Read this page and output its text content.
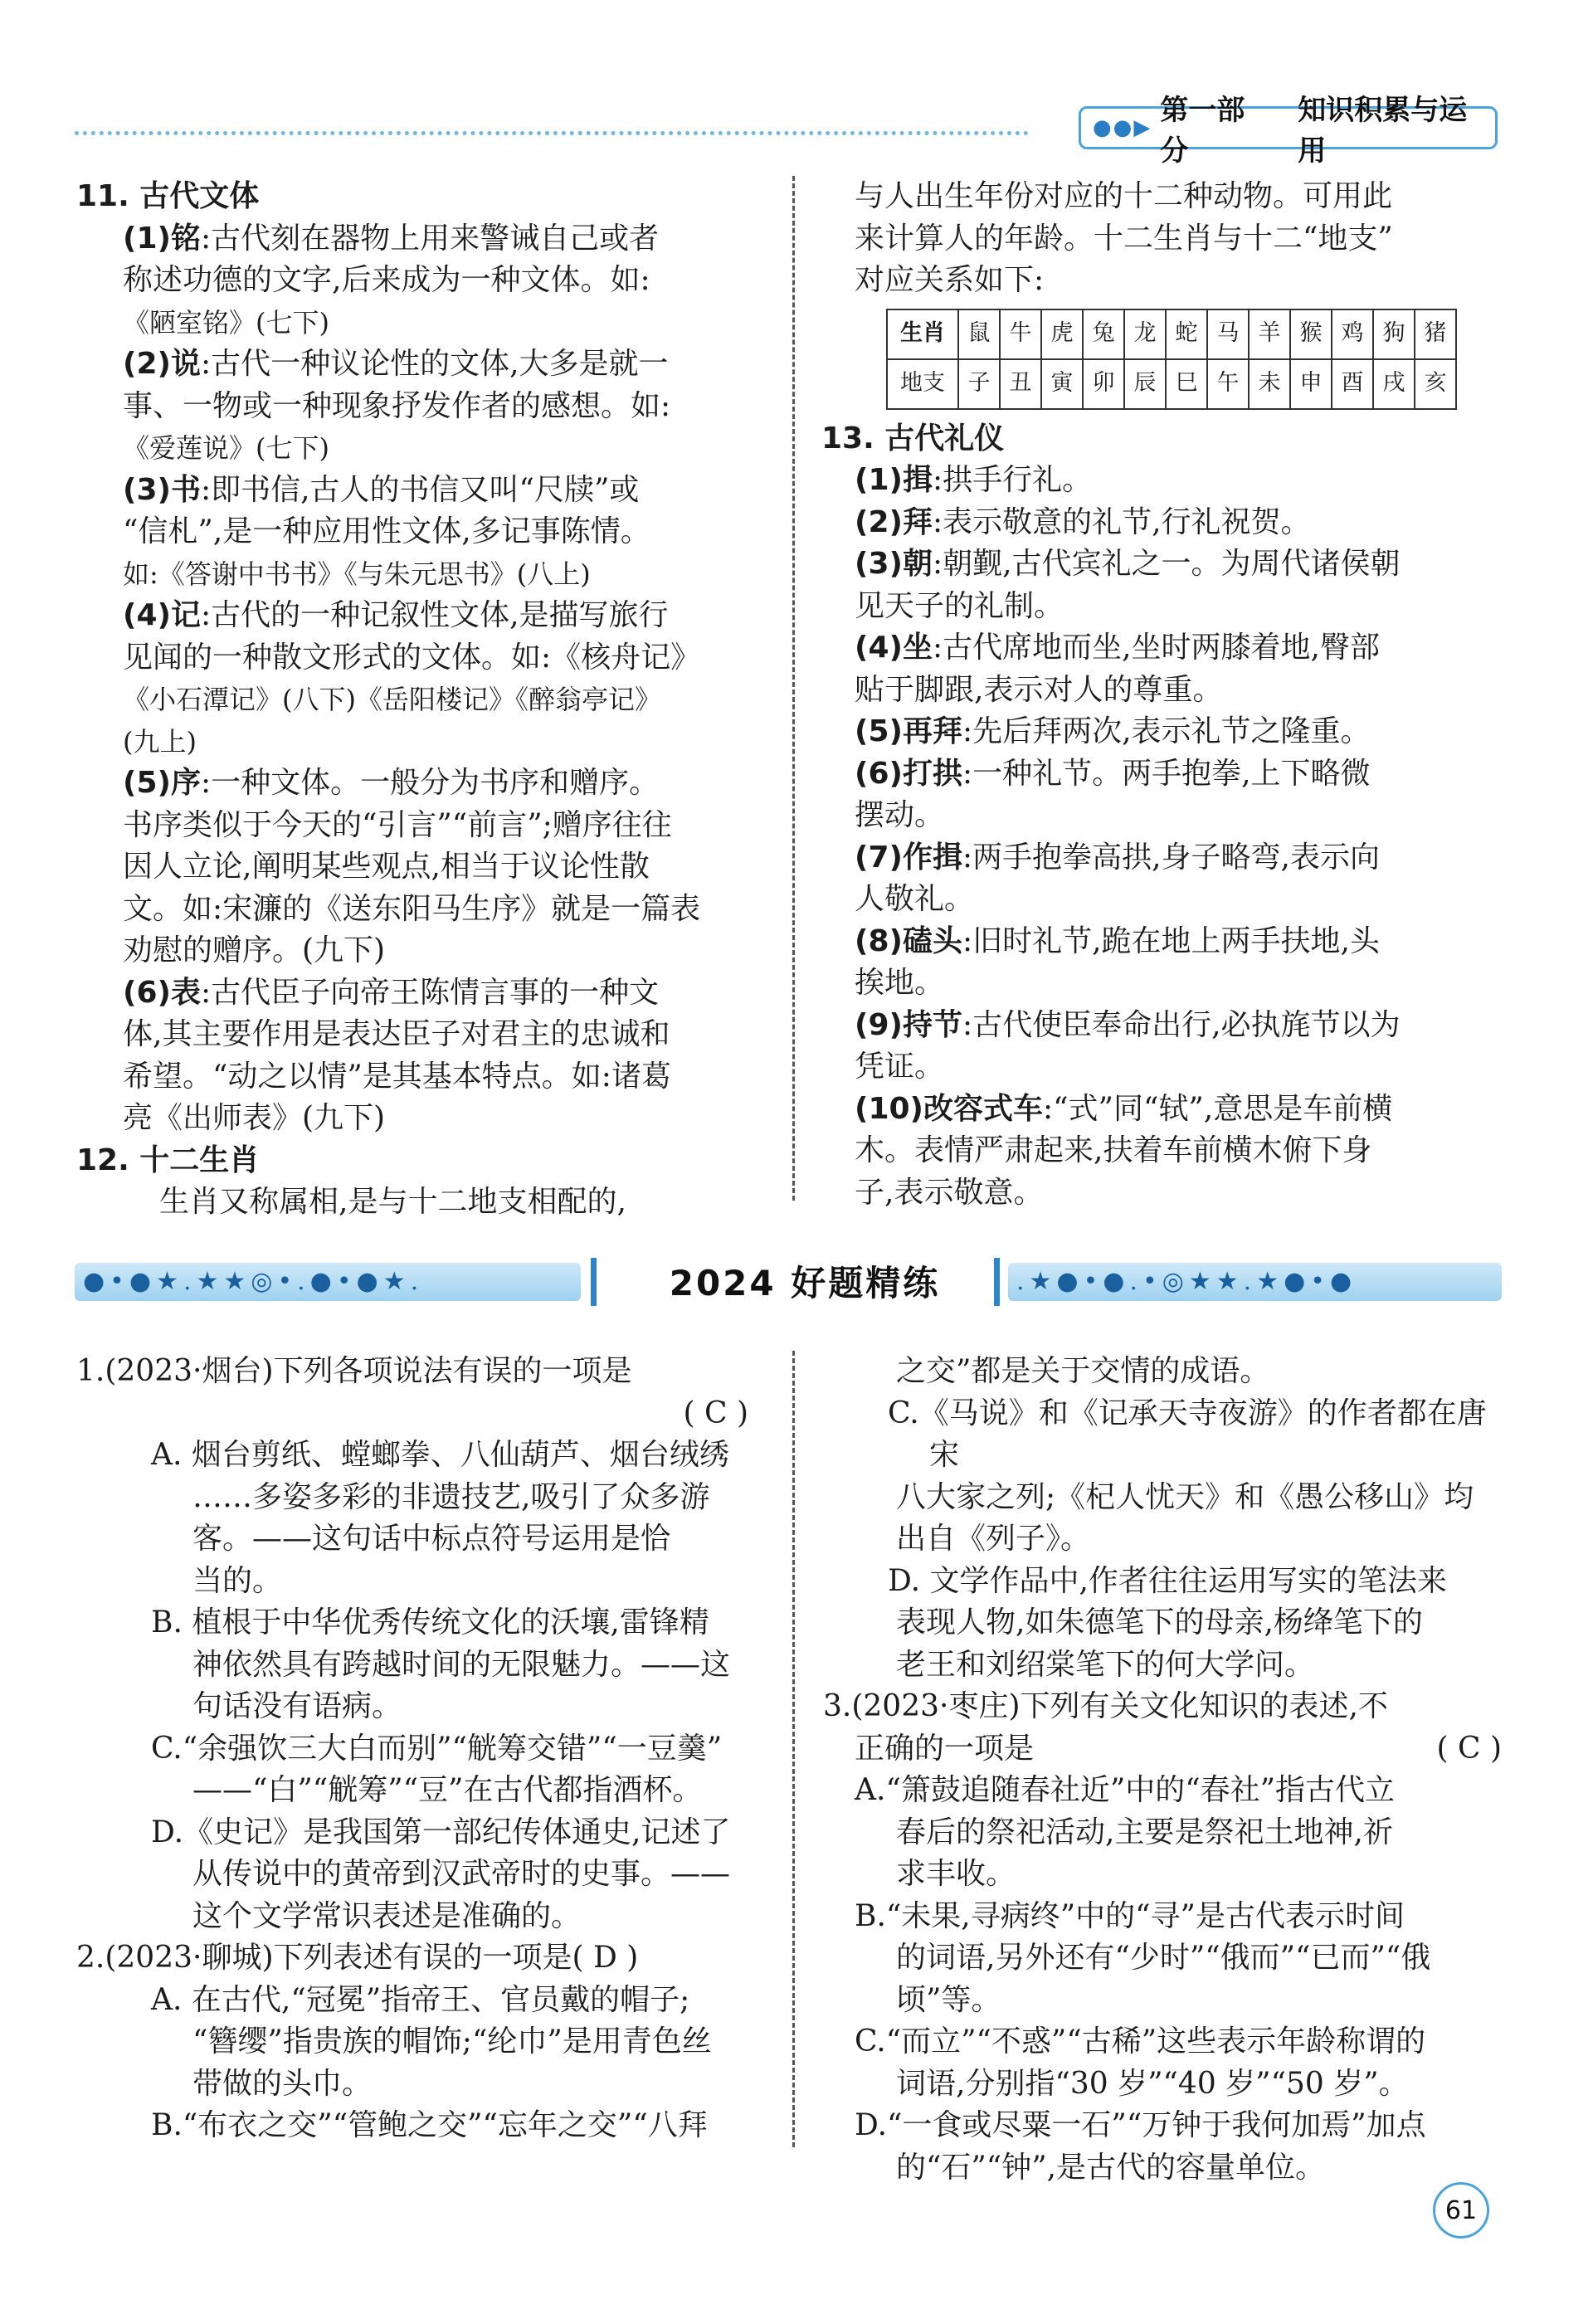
●●▶
第一部分
知识积累与运用

11. 古代文体

(1)铭:古代刻在器物上用来警诫自己或者

称述功德的文字,后来成为一种文体。如:

《陋室铭》(七下)

(2)说:古代一种议论性的文体,大多是就一

事、一物或一种现象抒发作者的感想。如:

《爱莲说》(七下)

(3)书:即书信,古人的书信又叫“尺牍”或

“信札”,是一种应用性文体,多记事陈情。

如:《答谢中书书》《与朱元思书》(八上)

(4)记:古代的一种记叙性文体,是描写旅行

见闻的一种散文形式的文体。如:《核舟记》

《小石潭记》(八下)《岳阳楼记》《醉翁亭记》

(九上)

(5)序:一种文体。一般分为书序和赠序。

书序类似于今天的“引言”“前言”;赠序往往

因人立论,阐明某些观点,相当于议论性散

文。如:宋濂的《送东阳马生序》就是一篇表

劝慰的赠序。(九下)

(6)表:古代臣子向帝王陈情言事的一种文

体,其主要作用是表达臣子对君主的忠诚和

希望。“动之以情”是其基本特点。如:诸葛

亮《出师表》(九下)

12. 十二生肖

生肖又称属相,是与十二地支相配的,

与人出生年份对应的十二种动物。可用此

来计算人的年龄。十二生肖与十二“地支”

对应关系如下:

生肖	鼠	牛	虎	兔	龙	蛇	马	羊	猴	鸡	狗	猪
地支	子	丑	寅	卯	辰	巳	午	未	申	酉	戌	亥

13. 古代礼仪

(1)揖:拱手行礼。

(2)拜:表示敬意的礼节,行礼祝贺。

(3)朝:朝觐,古代宾礼之一。为周代诸侯朝

见天子的礼制。

(4)坐:古代席地而坐,坐时两膝着地,臀部

贴于脚跟,表示对人的尊重。

(5)再拜:先后拜两次,表示礼节之隆重。

(6)打拱:一种礼节。两手抱拳,上下略微

摆动。

(7)作揖:两手抱拳高拱,身子略弯,表示向

人敬礼。

(8)磕头:旧时礼节,跪在地上两手扶地,头

挨地。

(9)持节:古代使臣奉命出行,必执旄节以为

凭证。

(10)改容式车:“式”同“轼”,意思是车前横

木。表情严肃起来,扶着车前横木俯下身

子,表示敬意。

●•●★.★★◎•.●•●★.	2024 好题精练	.★●•●.•◎★★.★●•●

1.(2023·烟台)下列各项说法有误的一项是

( C )

A. 烟台剪纸、螳螂拳、八仙葫芦、烟台绒绣

……多姿多彩的非遗技艺,吸引了众多游

客。——这句话中标点符号运用是恰

当的。

B. 植根于中华优秀传统文化的沃壤,雷锋精

神依然具有跨越时间的无限魅力。——这

句话没有语病。

C.“余强饮三大白而别”“觥筹交错”“一豆羹”

——“白”“觥筹”“豆”在古代都指酒杯。

D.《史记》是我国第一部纪传体通史,记述了

从传说中的黄帝到汉武帝时的史事。——

这个文学常识表述是准确的。

2.(2023·聊城)下列表述有误的一项是( D )

A. 在古代,“冠冕”指帝王、官员戴的帽子;

“簪缨”指贵族的帽饰;“纶巾”是用青色丝

带做的头巾。

B.“布衣之交”“管鲍之交”“忘年之交”“八拜

之交”都是关于交情的成语。

C.《马说》和《记承天寺夜游》的作者都在唐宋

八大家之列;《杞人忧天》和《愚公移山》均

出自《列子》。

D. 文学作品中,作者往往运用写实的笔法来

表现人物,如朱德笔下的母亲,杨绛笔下的

老王和刘绍棠笔下的何大学问。

3.(2023·枣庄)下列有关文化知识的表述,不

正确的一项是	( C )

A.“箫鼓追随春社近”中的“春社”指古代立

春后的祭祀活动,主要是祭祀土地神,祈

求丰收。

B.“未果,寻病终”中的“寻”是古代表示时间

的词语,另外还有“少时”“俄而”“已而”“俄

顷”等。

C.“而立”“不惑”“古稀”这些表示年龄称谓的

词语,分别指“30 岁”“40 岁”“50 岁”。

D.“一食或尽粟一石”“万钟于我何加焉”加点

的“石”“钟”,是古代的容量单位。

61
